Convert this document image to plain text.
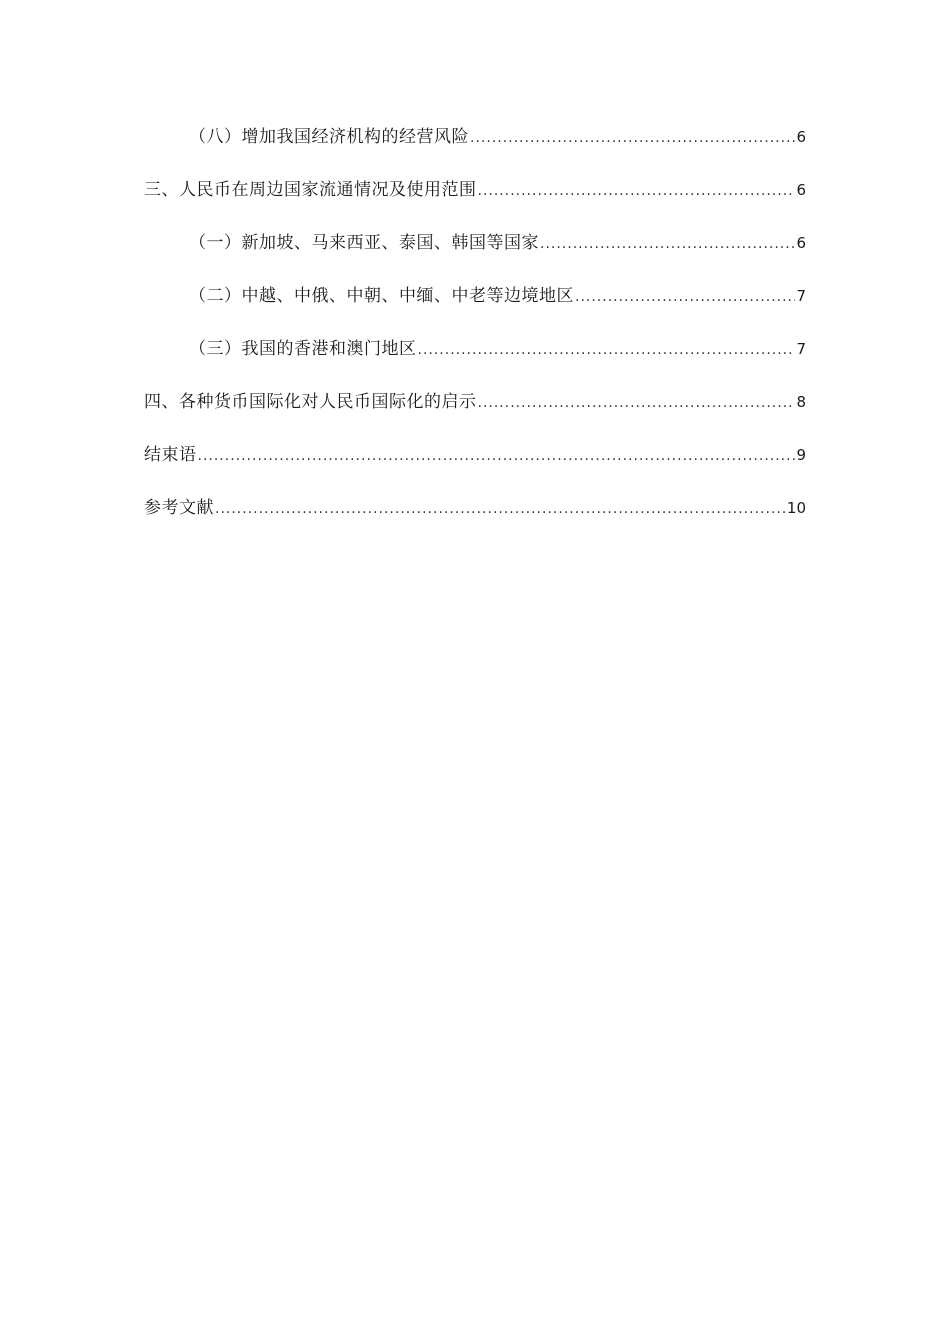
（八）增加我国经济机构的经营风险 .....	6
三、人民币在周边国家流通情况及使用范围 .....	6
（一）新加坡、马来西亚、泰国、韩国等国家 .....	6
（二）中越、中俄、中朝、中缅、中老等边境地区 .....	7
（三）我国的香港和澳门地区 .....	7
四、各种货币国际化对人民币国际化的启示 .....	8
结束语 .....	9
参考文献 .....	10
